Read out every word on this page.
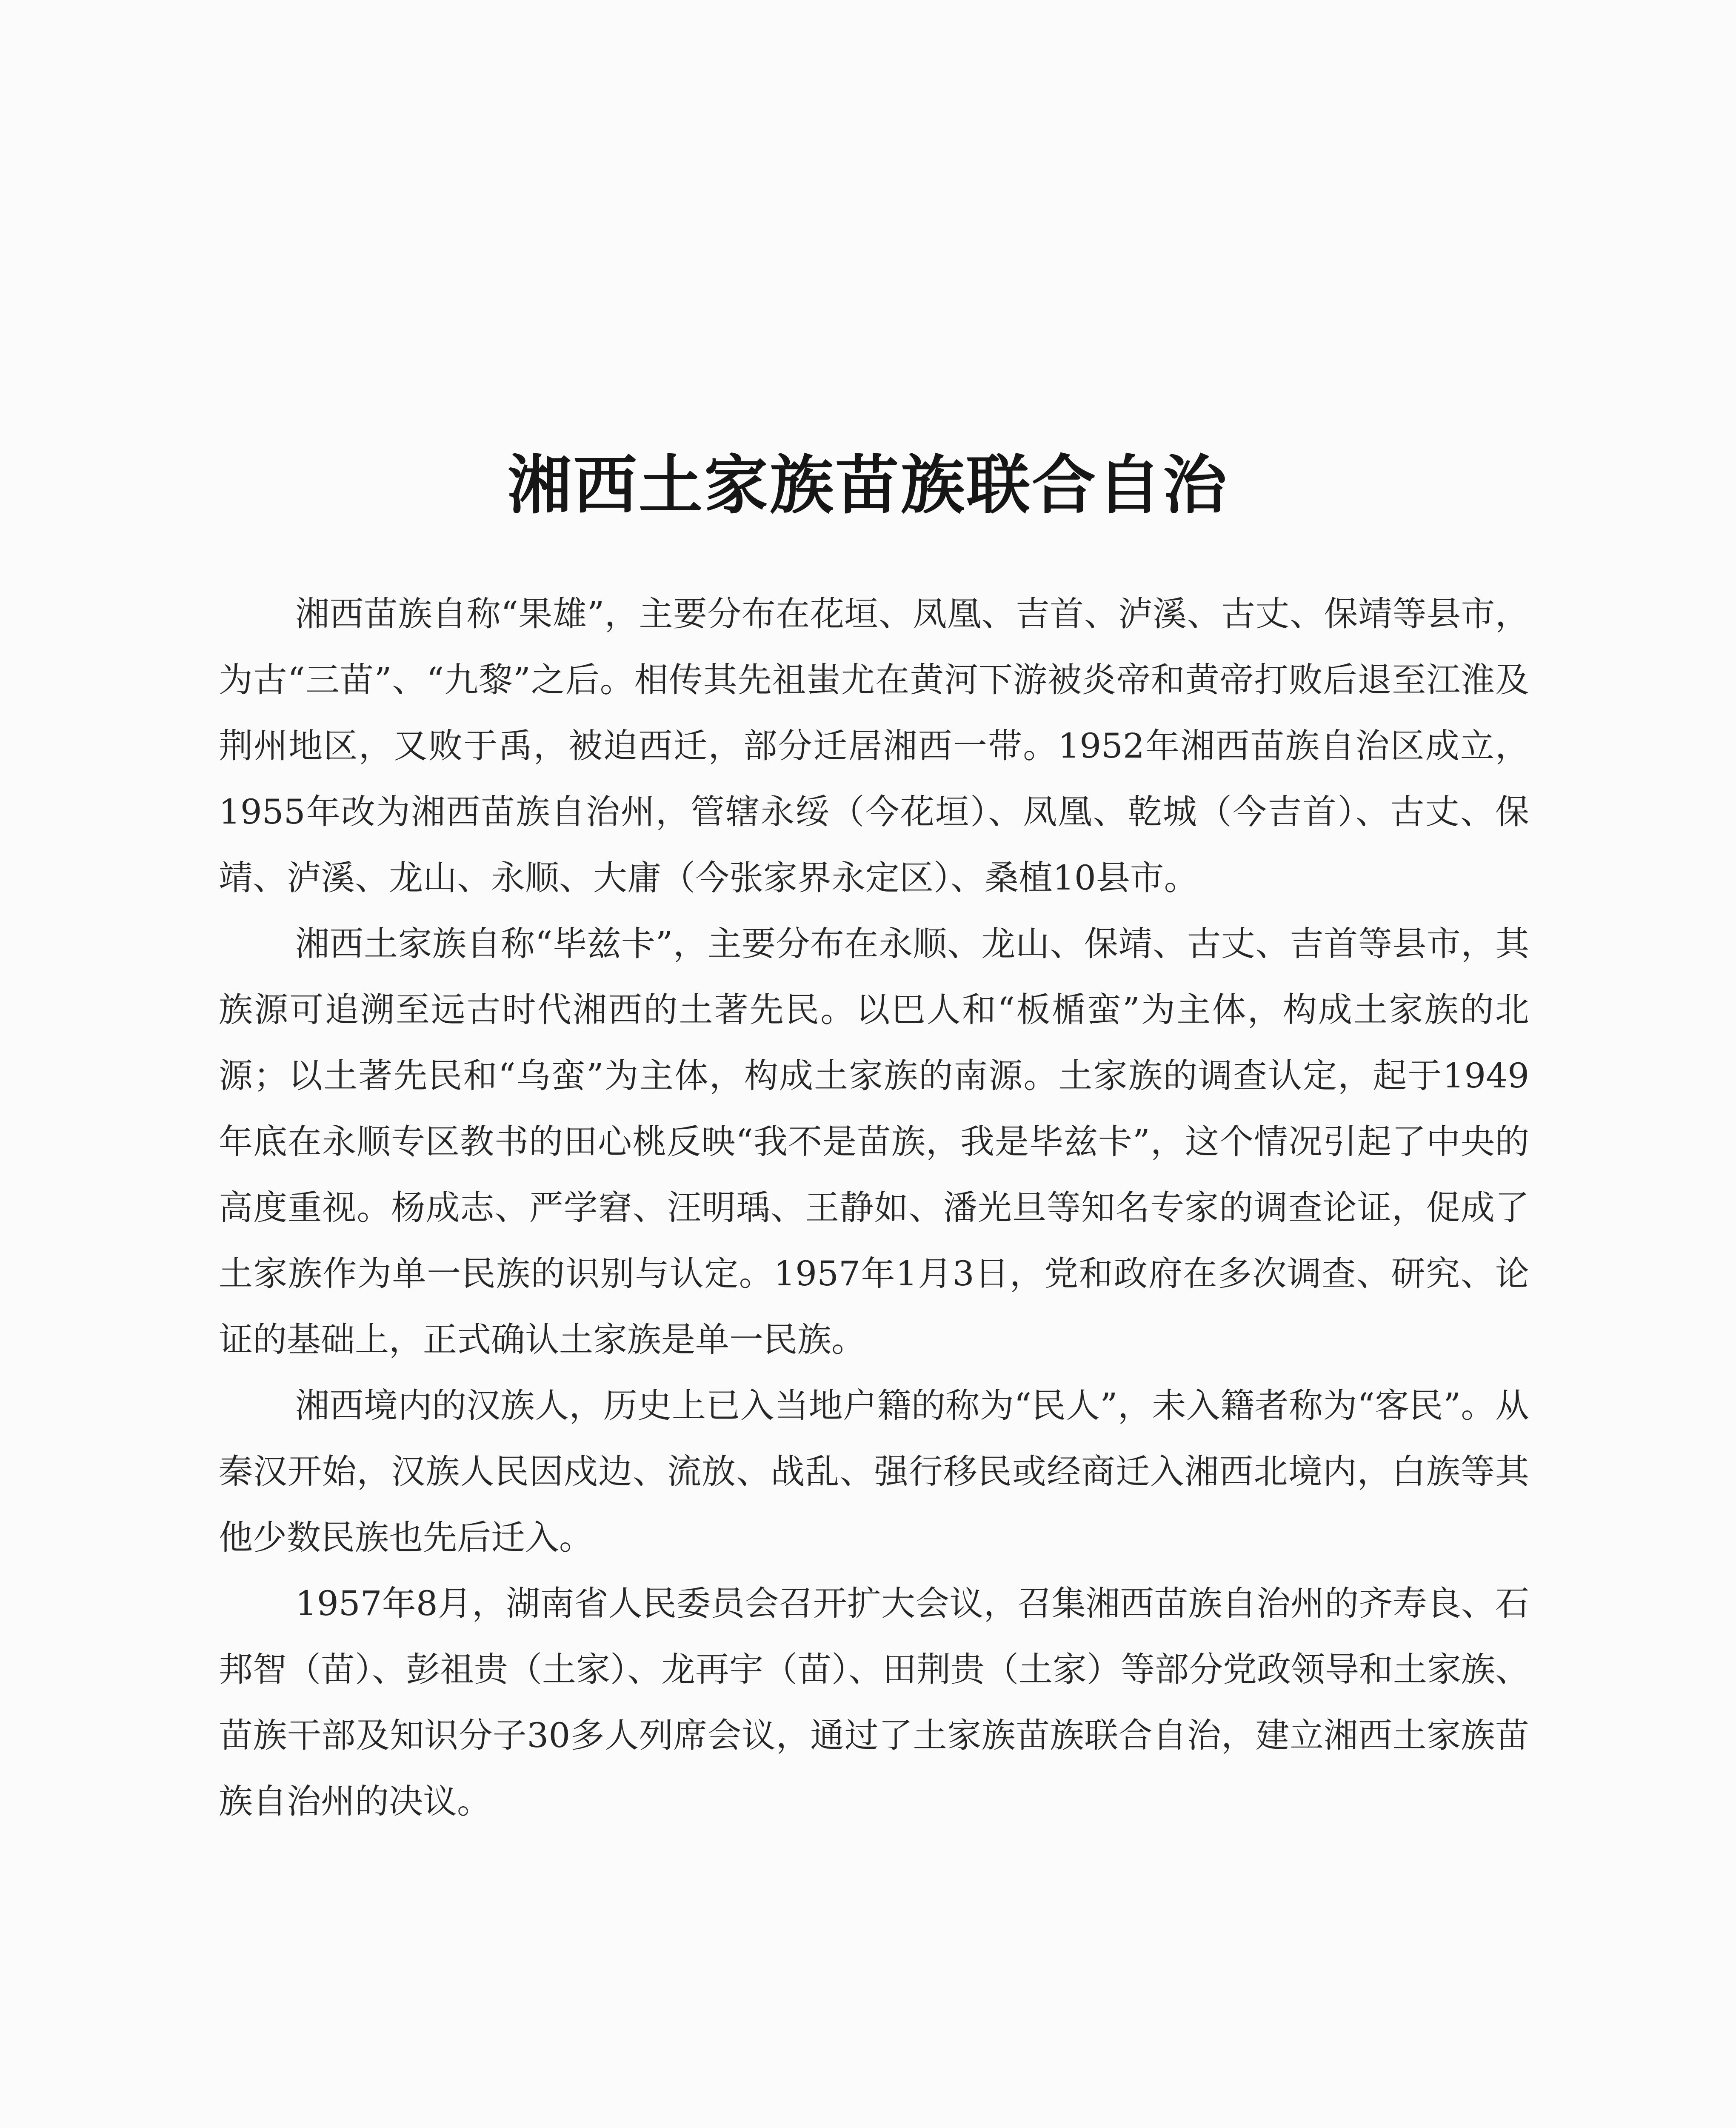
湘西土家族苗族联合自治

湘西苗族自称“果雄”，主要分布在花垣、凤凰、吉首、泸溪、古丈、保靖等县市，为古“三苗”、“九黎”之后。相传其先祖蚩尤在黄河下游被炎帝和黄帝打败后退至江淮及荆州地区，又败于禹，被迫西迁，部分迁居湘西一带。1952年湘西苗族自治区成立，1955年改为湘西苗族自治州，管辖永绥（今花垣）、凤凰、乾城（今吉首）、古丈、保靖、泸溪、龙山、永顺、大庸（今张家界永定区）、桑植10县市。

湘西土家族自称“毕兹卡”，主要分布在永顺、龙山、保靖、古丈、吉首等县市，其族源可追溯至远古时代湘西的土著先民。以巴人和“板楯蛮”为主体，构成土家族的北源；以土著先民和“乌蛮”为主体，构成土家族的南源。土家族的调查认定，起于1949年底在永顺专区教书的田心桃反映“我不是苗族，我是毕兹卡”，这个情况引起了中央的高度重视。杨成志、严学窘、汪明瑀、王静如、潘光旦等知名专家的调查论证，促成了土家族作为单一民族的识别与认定。1957年1月3日，党和政府在多次调查、研究、论证的基础上，正式确认土家族是单一民族。

湘西境内的汉族人，历史上已入当地户籍的称为“民人”，未入籍者称为“客民”。从秦汉开始，汉族人民因戍边、流放、战乱、强行移民或经商迁入湘西北境内，白族等其他少数民族也先后迁入。

1957年8月，湖南省人民委员会召开扩大会议，召集湘西苗族自治州的齐寿良、石邦智（苗）、彭祖贵（土家）、龙再宇（苗）、田荆贵（土家）等部分党政领导和土家族、苗族干部及知识分子30多人列席会议，通过了土家族苗族联合自治，建立湘西土家族苗族自治州的决议。
